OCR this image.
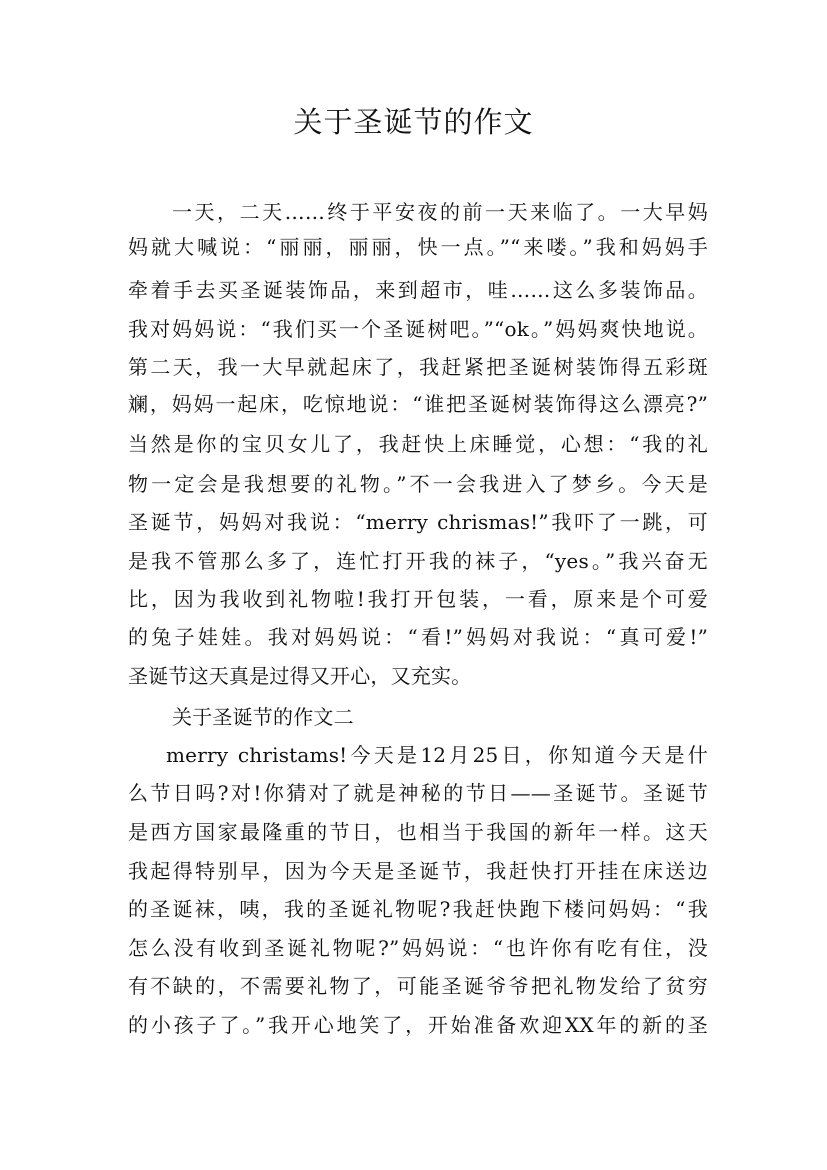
关于圣诞节的作文
一天，二天……终于平安夜的前一天来临了。一大早妈
妈就大喊说：“丽丽，丽丽，快一点。”“来喽。”我和妈妈手
牵着手去买圣诞装饰品，来到超市，哇……这么多装饰品。
我对妈妈说：“我们买一个圣诞树吧。”“ok。”妈妈爽快地说。
第二天，我一大早就起床了，我赶紧把圣诞树装饰得五彩斑
斓，妈妈一起床，吃惊地说：“谁把圣诞树装饰得这么漂亮?”
当然是你的宝贝女儿了，我赶快上床睡觉，心想：“我的礼
物一定会是我想要的礼物。”不一会我进入了梦乡。今天是
圣诞节，妈妈对我说：“merry chrismas!”我吓了一跳，可
是我不管那么多了，连忙打开我的袜子，“yes。”我兴奋无
比，因为我收到礼物啦!我打开包装，一看，原来是个可爱
的兔子娃娃。我对妈妈说：“看!”妈妈对我说：“真可爱!”
圣诞节这天真是过得又开心，又充实。
关于圣诞节的作文二
merry christams!今天是12月25日，你知道今天是什
么节日吗?对!你猜对了就是神秘的节日——圣诞节。圣诞节
是西方国家最隆重的节日，也相当于我国的新年一样。这天
我起得特别早，因为今天是圣诞节，我赶快打开挂在床送边
的圣诞袜，咦，我的圣诞礼物呢?我赶快跑下楼问妈妈：“我
怎么没有收到圣诞礼物呢?”妈妈说：“也许你有吃有住，没
有不缺的，不需要礼物了，可能圣诞爷爷把礼物发给了贫穷
的小孩子了。”我开心地笑了，开始准备欢迎XX年的新的圣
